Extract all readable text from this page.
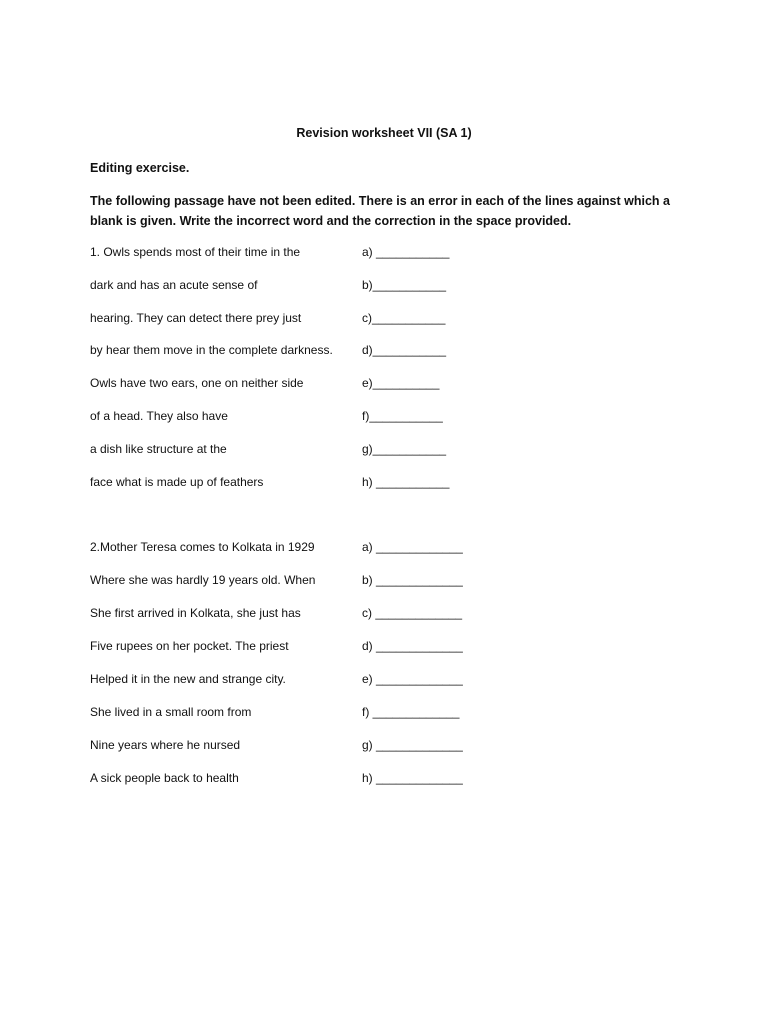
Revision worksheet VII (SA 1)
Editing exercise.
The following passage have not been edited. There is an error in each of the lines against which a blank is given. Write the incorrect word and the correction in the space provided.
1. Owls spends most of their time in the	a) ___________
dark and has an acute sense of	b)___________
hearing. They can detect there prey just	c)___________
by hear them move in the complete darkness. d)___________
Owls have two ears, one on neither side	e)__________
of a head. They also have	f)___________
a dish like structure at the	g)___________
face what is made up of feathers	h) ___________
2.Mother Teresa comes to Kolkata in 1929	a) _____________
Where she was hardly 19 years old. When	b) _____________
She first arrived in Kolkata, she just has	c) _____________
Five rupees on her pocket. The priest	d) _____________
Helped it in the new and strange city.	e) _____________
She lived in a small room from	f) _____________
Nine years where he nursed	g) _____________
A sick people back to health	h) _____________
